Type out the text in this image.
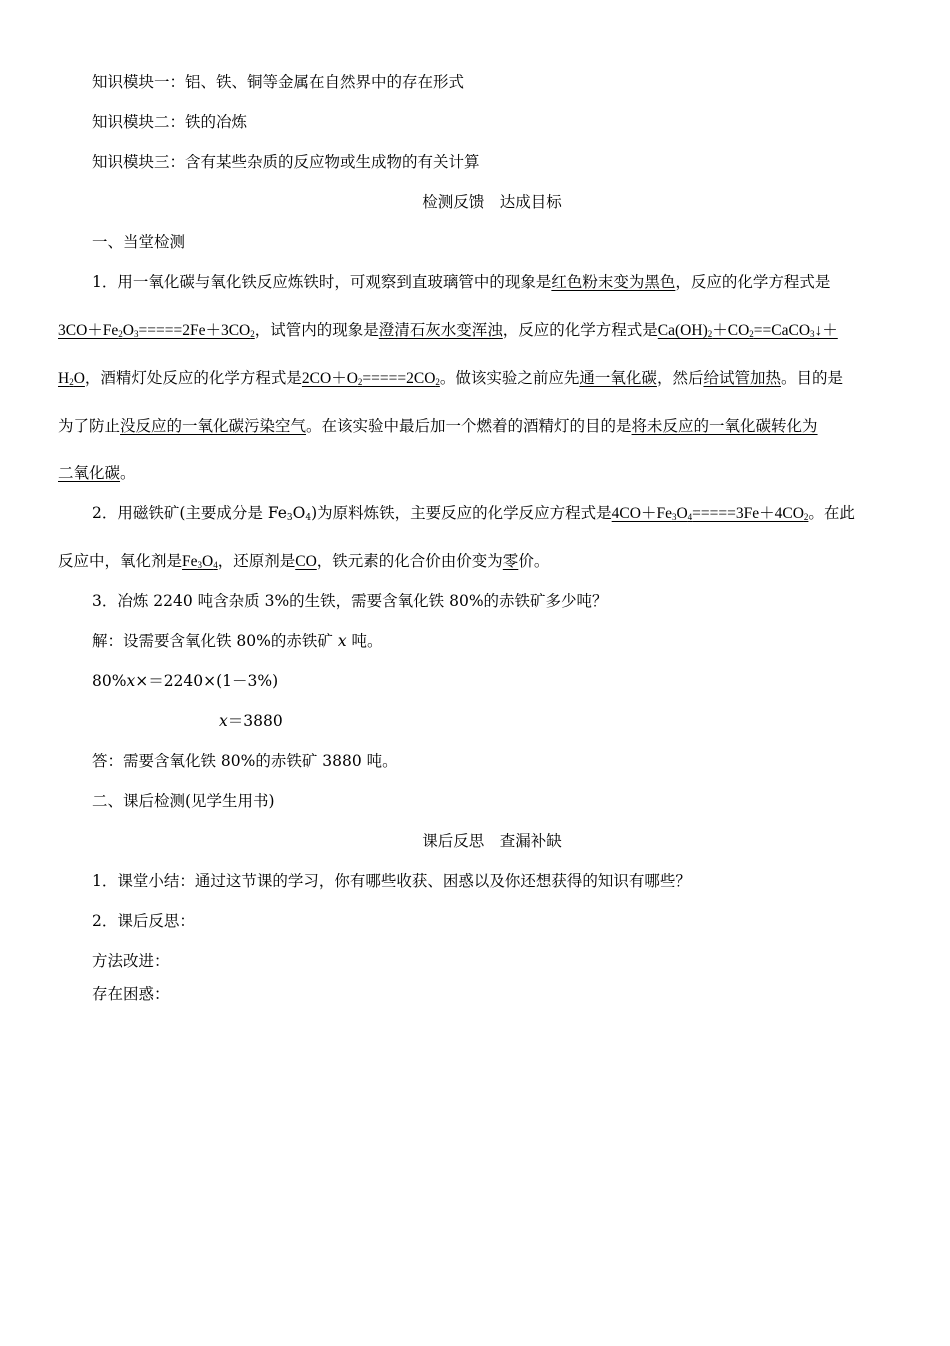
知识模块一：铝、铁、铜等金属在自然界中的存在形式
知识模块二：铁的冶炼
知识模块三：含有某些杂质的反应物或生成物的有关计算
检测反馈　达成目标
一、当堂检测
1．用一氧化碳与氧化铁反应炼铁时，可观察到直玻璃管中的现象是红色粉末变为黑色，反应的化学方程式是
$3CO+Fe_2O_3=====2Fe+3CO_2$，试管内的现象是澄清石灰水变浑浊，反应的化学方程式是$Ca(OH)_2+CO_2==CaCO_3↓+$
$H_2O$，酒精灯处反应的化学方程式是$2CO+O_2=====2CO_2$。做该实验之前应先通一氧化碳，然后给试管加热。目的是
为了防止没反应的一氧化碳污染空气。在该实验中最后加一个燃着的酒精灯的目的是将未反应的一氧化碳转化为
二氧化碳。
2．用磁铁矿(主要成分是 $Fe_3O_4$)为原料炼铁，主要反应的化学反应方程式是$4CO+Fe_3O_4=====3Fe+4CO_2$。在此
反应中，氧化剂是$Fe_3O_4$，还原剂是CO，铁元素的化合价由价变为零价。
3．冶炼 2240 吨含杂质 3%的生铁，需要含氧化铁 80%的赤铁矿多少吨？
解：设需要含氧化铁 80%的赤铁矿 x 吨。
80%x×＝2240×(1－3%)
x＝3880
答：需要含氧化铁 80%的赤铁矿 3880 吨。
二、课后检测(见学生用书)
课后反思　查漏补缺
1．课堂小结：通过这节课的学习，你有哪些收获、困惑以及你还想获得的知识有哪些？
2．课后反思：
方法改进：
存在困惑：
